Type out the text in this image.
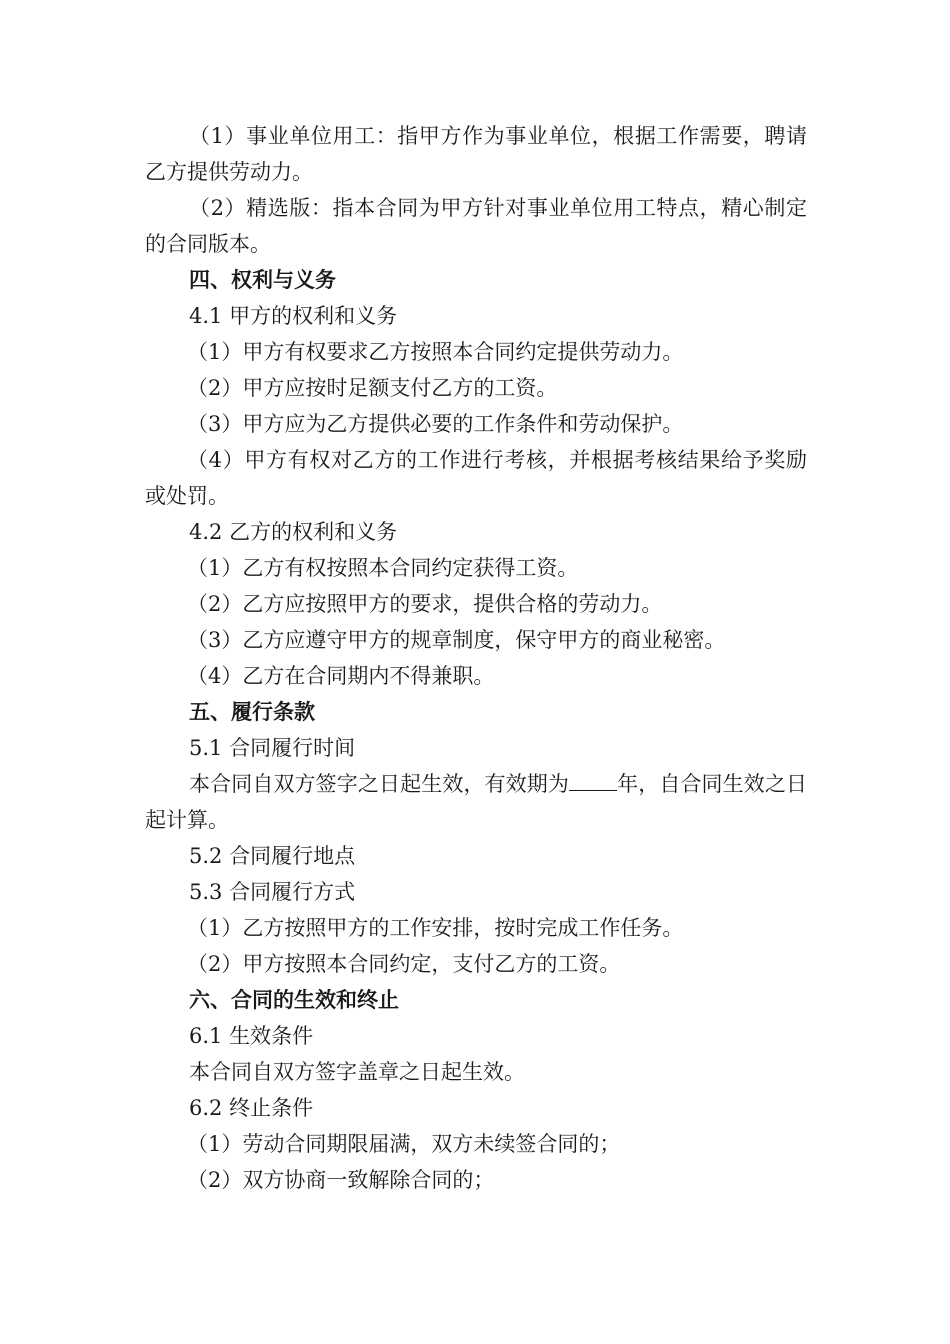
（1）事业单位用工：指甲方作为事业单位，根据工作需要，聘请乙方提供劳动力。

（2）精选版：指本合同为甲方针对事业单位用工特点，精心制定的合同版本。

四、权利与义务

4.1 甲方的权利和义务

（1）甲方有权要求乙方按照本合同约定提供劳动力。

（2）甲方应按时足额支付乙方的工资。

（3）甲方应为乙方提供必要的工作条件和劳动保护。

（4）甲方有权对乙方的工作进行考核，并根据考核结果给予奖励或处罚。

4.2 乙方的权利和义务

（1）乙方有权按照本合同约定获得工资。

（2）乙方应按照甲方的要求，提供合格的劳动力。

（3）乙方应遵守甲方的规章制度，保守甲方的商业秘密。

（4）乙方在合同期内不得兼职。

五、履行条款

5.1 合同履行时间

本合同自双方签字之日起生效，有效期为 年，自合同生效之日起计算。

5.2 合同履行地点

5.3 合同履行方式

（1）乙方按照甲方的工作安排，按时完成工作任务。

（2）甲方按照本合同约定，支付乙方的工资。

六、合同的生效和终止

6.1 生效条件

本合同自双方签字盖章之日起生效。

6.2 终止条件

（1）劳动合同期限届满，双方未续签合同的；

（2）双方协商一致解除合同的；
